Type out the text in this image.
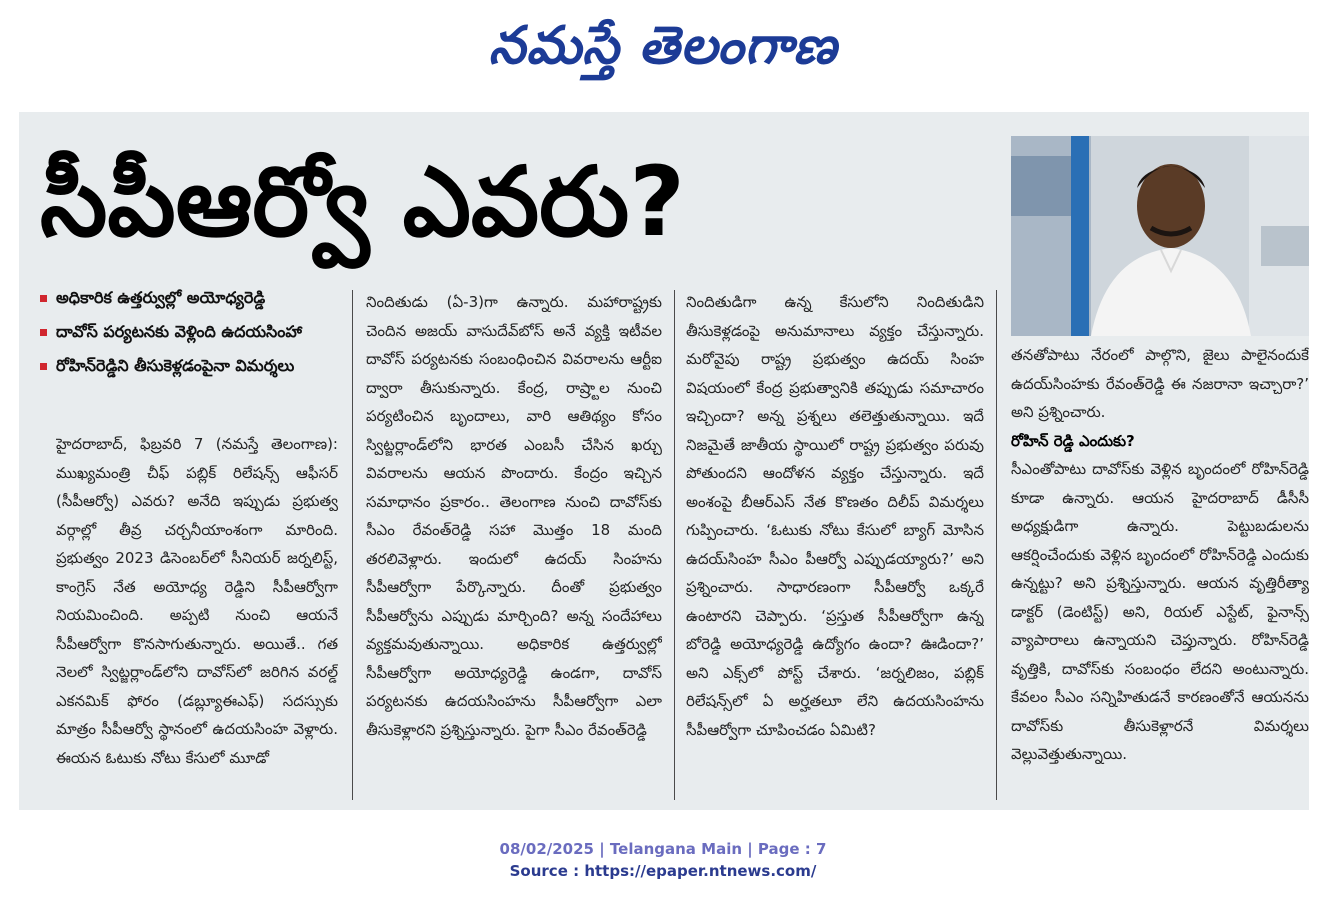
నమస్తే తెలంగాణ
సీపీఆర్వో ఎవరు?
అధికారిక ఉత్తర్వుల్లో అయోధ్యరెడ్డి
దావోస్ పర్యటనకు వెళ్లింది ఉదయసింహా
రోహిన్‌రెడ్డిని తీసుకెళ్లడంపైనా విమర్శలు

హైదరాబాద్, ఫిబ్రవరి 7 (నమస్తే తెలంగాణ): ముఖ్యమంత్రి చీఫ్ పబ్లిక్ రిలేషన్స్ ఆఫీసర్ (సీపీఆర్వో) ఎవరు? అనేది ఇప్పుడు ప్రభుత్వ వర్గాల్లో తీవ్ర చర్చనీయాంశంగా మారింది. ప్రభుత్వం 2023 డిసెంబర్‌లో సీనియర్ జర్నలిస్ట్, కాంగ్రెస్ నేత అయోధ్య రెడ్డిని సీపీఆర్వోగా నియమించింది. అప్పటి నుంచి ఆయనే సీపీఆర్వోగా కొనసాగుతున్నారు. అయితే.. గత నెలలో స్విట్జర్లాండ్‌లోని దావోస్‌లో జరిగిన వరల్డ్ ఎకనమిక్ ఫోరం (డబ్ల్యూఈఎఫ్) సదస్సుకు మాత్రం సీపీఆర్వో స్థానంలో ఉదయసింహ వెళ్లారు. ఈయన ఓటుకు నోటు కేసులో మూడో

నిందితుడు (ఏ-3)గా ఉన్నారు. మహారాష్ట్రకు చెందిన అజయ్ వాసుదేవ్‌బోస్ అనే వ్యక్తి ఇటీవల దావోస్ పర్యటనకు సంబంధించిన వివరాలను ఆర్టీఐ ద్వారా తీసుకున్నారు. కేంద్ర, రాష్ర్టాల నుంచి పర్యటించిన బృందాలు, వారి ఆతిథ్యం కోసం స్విట్జర్లాండ్‌లోని భారత ఎంబసీ చేసిన ఖర్చు వివరాలను ఆయన పొందారు. కేంద్రం ఇచ్చిన సమాధానం ప్రకారం.. తెలంగాణ నుంచి దావోస్‌కు సీఎం రేవంత్‌రెడ్డి సహా మొత్తం 18 మంది తరలివెళ్లారు. ఇందులో ఉదయ్ సింహను సీపీఆర్వోగా పేర్కొన్నారు. దీంతో ప్రభుత్వం సీపీఆర్వోను ఎప్పుడు మార్చింది? అన్న సందేహాలు వ్యక్తమవుతున్నాయి. అధికారిక ఉత్తర్వుల్లో సీపీఆర్వోగా అయోధ్యరెడ్డి ఉండగా, దావోస్ పర్యటనకు ఉదయసింహను సీపీఆర్వోగా ఎలా తీసుకెళ్లారని ప్రశ్నిస్తున్నారు. పైగా సీఎం రేవంత్‌రెడ్డి

నిందితుడిగా ఉన్న కేసులోని నిందితుడిని తీసుకెళ్లడంపై అనుమానాలు వ్యక్తం చేస్తున్నారు. మరోవైపు రాష్ట్ర ప్రభుత్వం ఉదయ్ సింహ విషయంలో కేంద్ర ప్రభుత్వానికి తప్పుడు సమాచారం ఇచ్చిందా? అన్న ప్రశ్నలు తలెత్తుతున్నాయి. ఇదే నిజమైతే జాతీయ స్థాయిలో రాష్ట్ర ప్రభుత్వం పరువు పోతుందని ఆందోళన వ్యక్తం చేస్తున్నారు. ఇదే అంశంపై బీఆర్‌ఎస్ నేత కొణతం దిలీప్ విమర్శలు గుప్పించారు. ‘ఓటుకు నోటు కేసులో బ్యాగ్ మోసిన ఉదయ్‌సింహ సీఎం పీఆర్వో ఎప్పుడయ్యారు?’ అని ప్రశ్నించారు. సాధారణంగా సీపీఆర్వో ఒక్కరే ఉంటారని చెప్పారు. ‘ప్రస్తుత సీపీఆర్వోగా ఉన్న బోరెడ్డి అయోధ్యరెడ్డి ఉద్యోగం ఉందా? ఊడిందా?’ అని ఎక్స్‌లో పోస్ట్ చేశారు. ‘జర్నలిజం, పబ్లిక్ రిలేషన్స్‌లో ఏ అర్హతలూ లేని ఉదయసింహను సీపీఆర్వోగా చూపించడం ఏమిటి?

తనతోపాటు నేరంలో పాల్గొని, జైలు పాలైనందుకే ఉదయ్‌సింహకు రేవంత్‌రెడ్డి ఈ నజరానా ఇచ్చారా?’ అని ప్రశ్నించారు.

రోహిన్ రెడ్డి ఎందుకు?

సీఎంతోపాటు దావోస్‌కు వెళ్లిన బృందంలో రోహిన్‌రెడ్డి కూడా ఉన్నారు. ఆయన హైదరాబాద్ డీసీసీ అధ్యక్షుడిగా ఉన్నారు. పెట్టుబడులను ఆకర్షించేందుకు వెళ్లిన బృందంలో రోహిన్‌రెడ్డి ఎందుకు ఉన్నట్టు? అని ప్రశ్నిస్తున్నారు. ఆయన వృత్తిరీత్యా డాక్టర్ (డెంటిస్ట్) అని, రియల్ ఎస్టేట్, ఫైనాన్స్ వ్యాపారాలు ఉన్నాయని చెప్తున్నారు. రోహిన్‌రెడ్డి వృత్తికి, దావోస్‌కు సంబంధం లేదని అంటున్నారు. కేవలం సీఎం సన్నిహితుడనే కారణంతోనే ఆయనను దావోస్‌కు తీసుకెళ్లారనే విమర్శలు వెల్లువెత్తుతున్నాయి.

08/02/2025 | Telangana Main | Page : 7
Source : https://epaper.ntnews.com/
